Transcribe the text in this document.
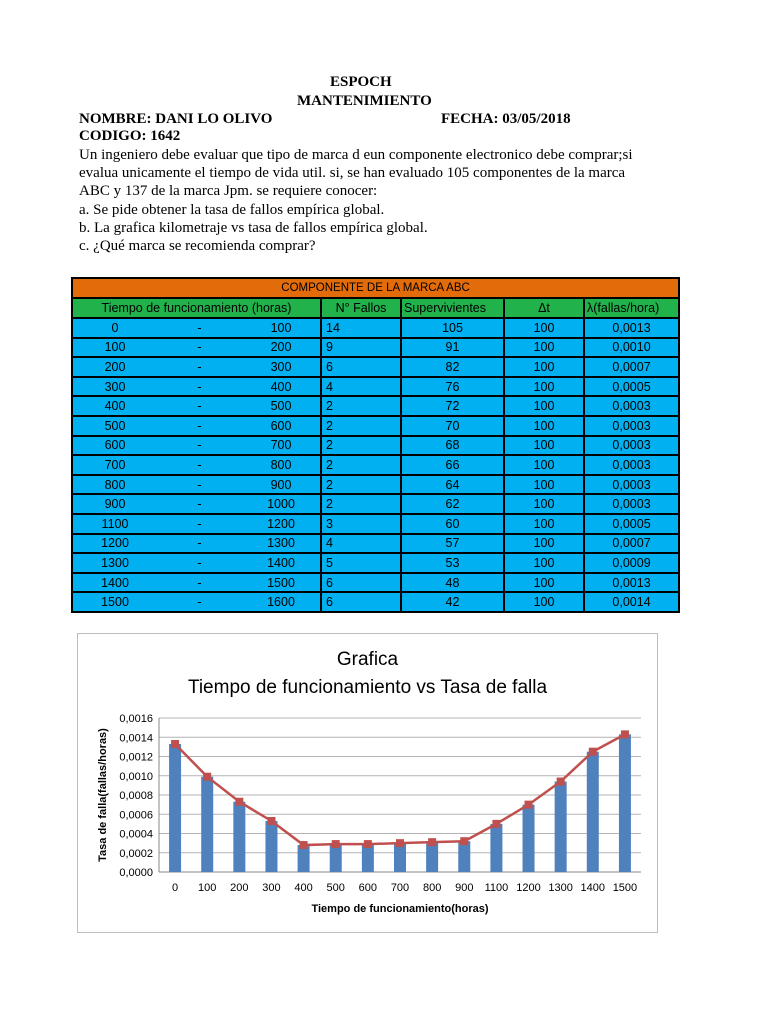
ESPOCH
MANTENIMIENTO
NOMBRE: DANI LO OLIVO	FECHA: 03/05/2018
CODIGO: 1642
Un ingeniero debe evaluar que tipo de marca d eun componente electronico debe comprar;si
evalua unicamente el tiempo de vida util. si, se han evaluado 105 componentes de la marca
ABC y 137 de la marca Jpm. se requiere conocer:
a. Se pide obtener la tasa de fallos empírica global.
b. La grafica kilometraje vs tasa de fallos empírica global.
c. ¿Qué marca se recomienda comprar?
COMPONENTE DE LA MARCA ABC						
Tiempo de funcionamiento (horas)			N° Fallos	Supervivientes	Δt	λ(fallas/hora)
0	-	100	14	105	100	0,0013
100	-	200	9	91	100	0,0010
200	-	300	6	82	100	0,0007
300	-	400	4	76	100	0,0005
400	-	500	2	72	100	0,0003
500	-	600	2	70	100	0,0003
600	-	700	2	68	100	0,0003
700	-	800	2	66	100	0,0003
800	-	900	2	64	100	0,0003
900	-	1000	2	62	100	0,0003
1100	-	1200	3	60	100	0,0005
1200	-	1300	4	57	100	0,0007
1300	-	1400	5	53	100	0,0009
1400	-	1500	6	48	100	0,0013
1500	-	1600	6	42	100	0,0014
Grafica
Tiempo de funcionamiento vs Tasa de falla
0,0000
0,0002
0,0004
0,0006
0,0008
0,0010
0,0012
0,0014
0,0016
0 100 200 300 400 500 600 700 800 900 1100 1200 1300 1400 1500
Tiempo de funcionamiento(horas)
Tasa de falla(fallas/horas)
